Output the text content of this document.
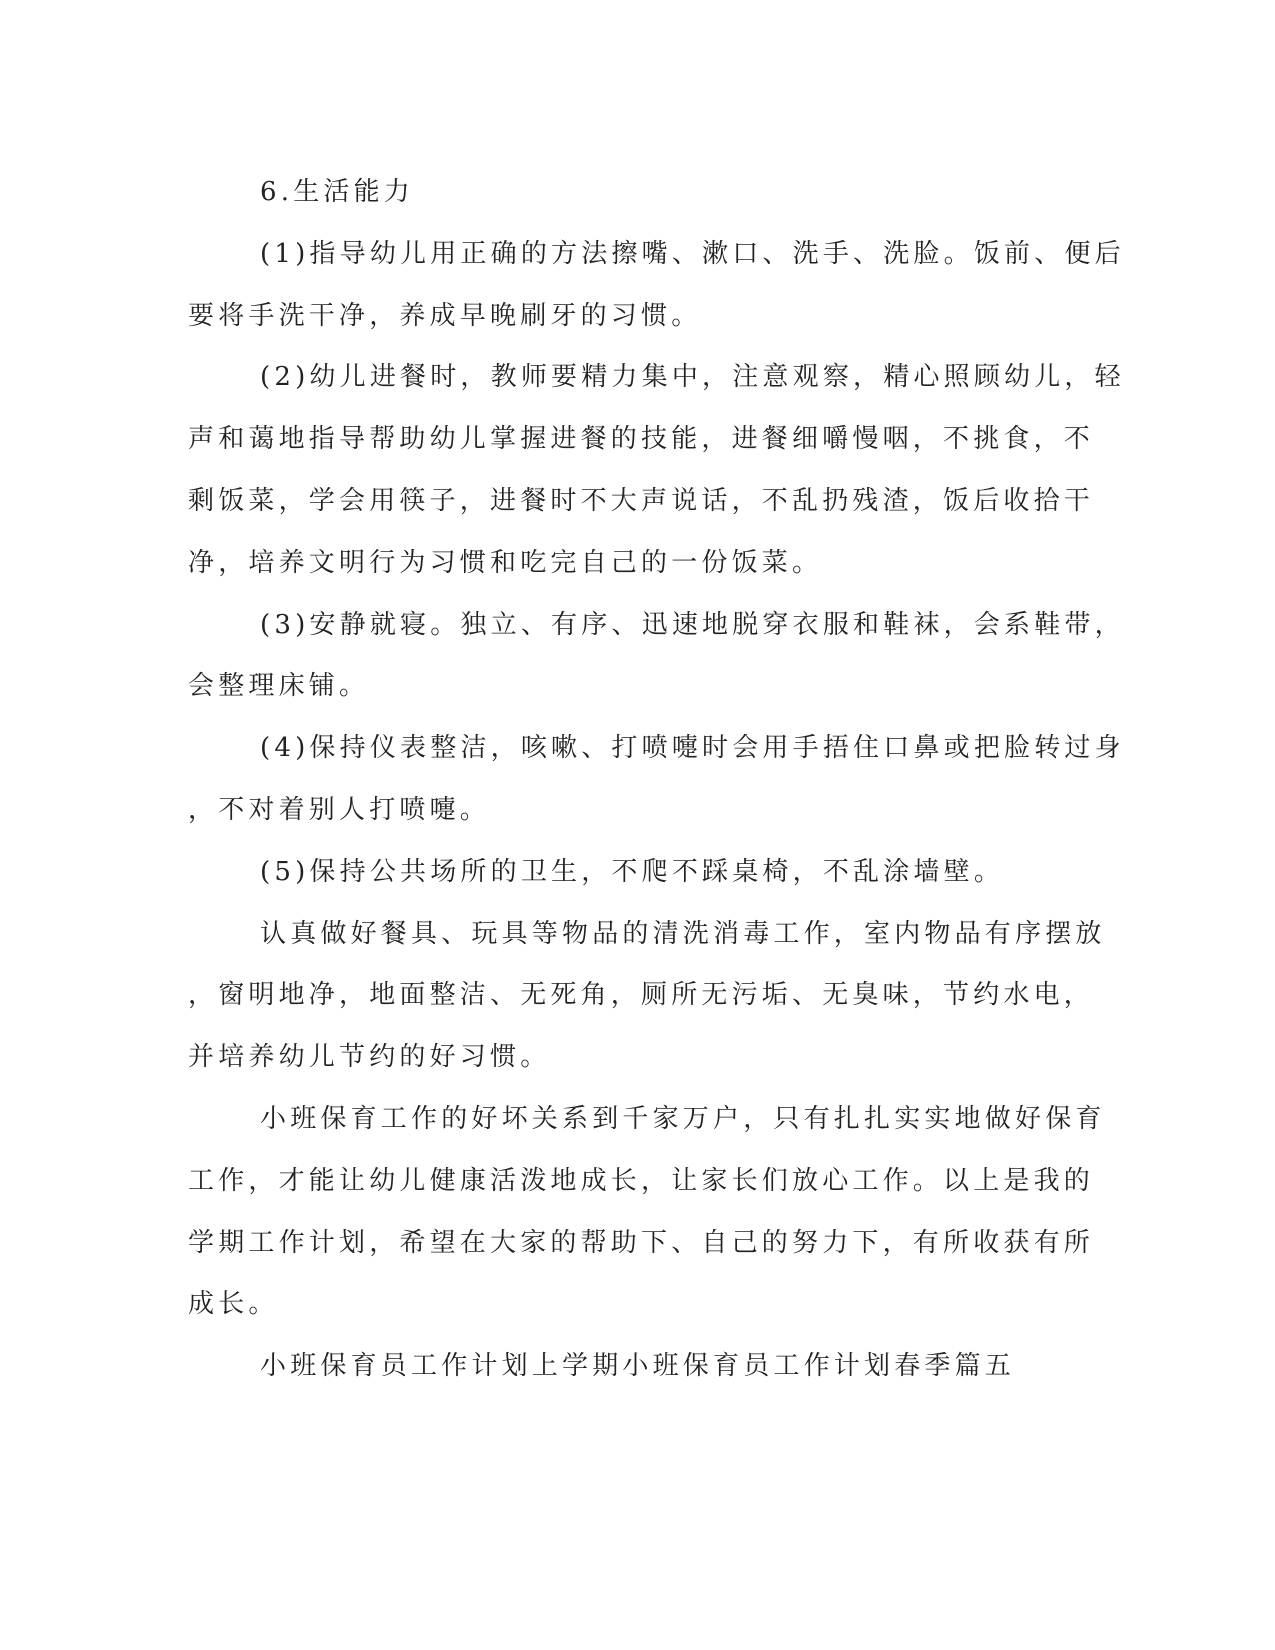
6.生活能力
(1)指导幼儿用正确的方法擦嘴、漱口、洗手、洗脸。饭前、便后
要将手洗干净，养成早晚刷牙的习惯。
(2)幼儿进餐时，教师要精力集中，注意观察，精心照顾幼儿，轻
声和蔼地指导帮助幼儿掌握进餐的技能，进餐细嚼慢咽，不挑食，不
剩饭菜，学会用筷子，进餐时不大声说话，不乱扔残渣，饭后收拾干
净，培养文明行为习惯和吃完自己的一份饭菜。
(3)安静就寝。独立、有序、迅速地脱穿衣服和鞋袜，会系鞋带，
会整理床铺。
(4)保持仪表整洁，咳嗽、打喷嚏时会用手捂住口鼻或把脸转过身
，不对着别人打喷嚏。
(5)保持公共场所的卫生，不爬不踩桌椅，不乱涂墙壁。
认真做好餐具、玩具等物品的清洗消毒工作，室内物品有序摆放
，窗明地净，地面整洁、无死角，厕所无污垢、无臭味，节约水电，
并培养幼儿节约的好习惯。
小班保育工作的好坏关系到千家万户，只有扎扎实实地做好保育
工作，才能让幼儿健康活泼地成长，让家长们放心工作。以上是我的
学期工作计划，希望在大家的帮助下、自己的努力下，有所收获有所
成长。
小班保育员工作计划上学期小班保育员工作计划春季篇五
